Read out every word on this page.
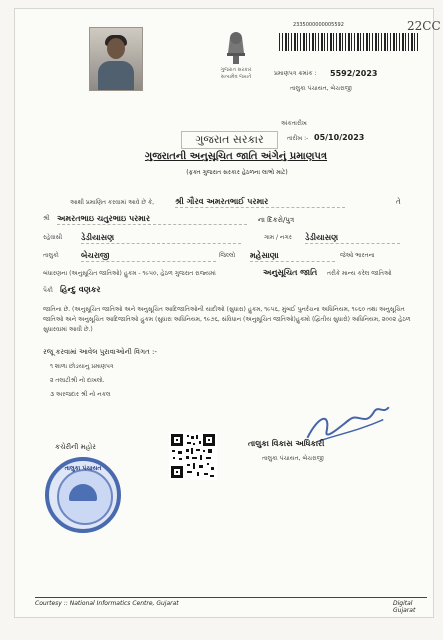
22CC
ગુજરાત સરકાર
સત્યમેવ જયતે
2335000000005592
પ્રમાણપત્ર ક્રમાંક : 5592/2023
તાલુકા પંચાયત, બેચરાજી
અંકતારીખ
તારીખ :- 05/10/2023
ગુજરાત સરકાર
ગુજરાતની અનુસૂચિત જાતિ અંગેનું પ્રમાણપત્ર
(ફક્ત ગુજરાત સરકાર હેઠળના લાભો માટે)
આથી પ્રમાણિત કરવામાં આવે છે કે,	શ્રી ગૌરવ અમરતભાઈ પરમાર	તે
શ્રી અમરતભાઇ ચતુરભાઇ પરમાર	ના દિકરો/પુત્ર
રહેવાસી ડેડીયાસણ	ગામ / નગર ડેડીયાસણ
તાલુકો	બેચરાજી	જિલ્લો મહેસાણા	જેઓ ભારતના
બંધારણના (અનુસૂચિત જાતિઓ) હુકમ - ૧૯૫૦, હેઠળ ગુજરાત રાજ્યમાં	અનુસૂચિત જાતિ તરીકે માન્ય કરેલ જાતિઓ
પૈકી હિન્દુ વણકર
જાતિના છે. (અનુસૂચિત જાતિઓ અને અનુસૂચિત આદિજાતિઓની યાદીઓ (સુધારા) હુકમ, ૧૯૫૬, મુંબઈ પુનર્રચના અધિનિયમ, ૧૯૬૦ તથા અનુસૂચિત જાતિઓ અને અનુસૂચિત આદિજાતિઓ હુકમ (સુધારા અધિનિયમ, ૧૯૭૬, સંવિધાન (અનુસૂચિત જાતિઓ)હુકમો (દ્વિતીય સુધારો) અધિનિયમ, ૨૦૦૨ હેઠળ સુધારવામાં આવી છે.)
રજૂ કરવામાં આવેલ પુરાવાઓની વિગત :-
૧ શાળા છોડયાનુ પ્રમાણપત્ર
૨ તલાટીશ્રી નો દાખલો.
૩ અરજદાર શ્રી નો નકલ
તાલુકા વિકાસ અધિકારી
તાલુકા પંચાયત, બેચરાજી
કચેરીની મહોર
તાલુકા પંચાયત
Courtesy :: National Informatics Centre, Gujarat	Digital Gujarat
